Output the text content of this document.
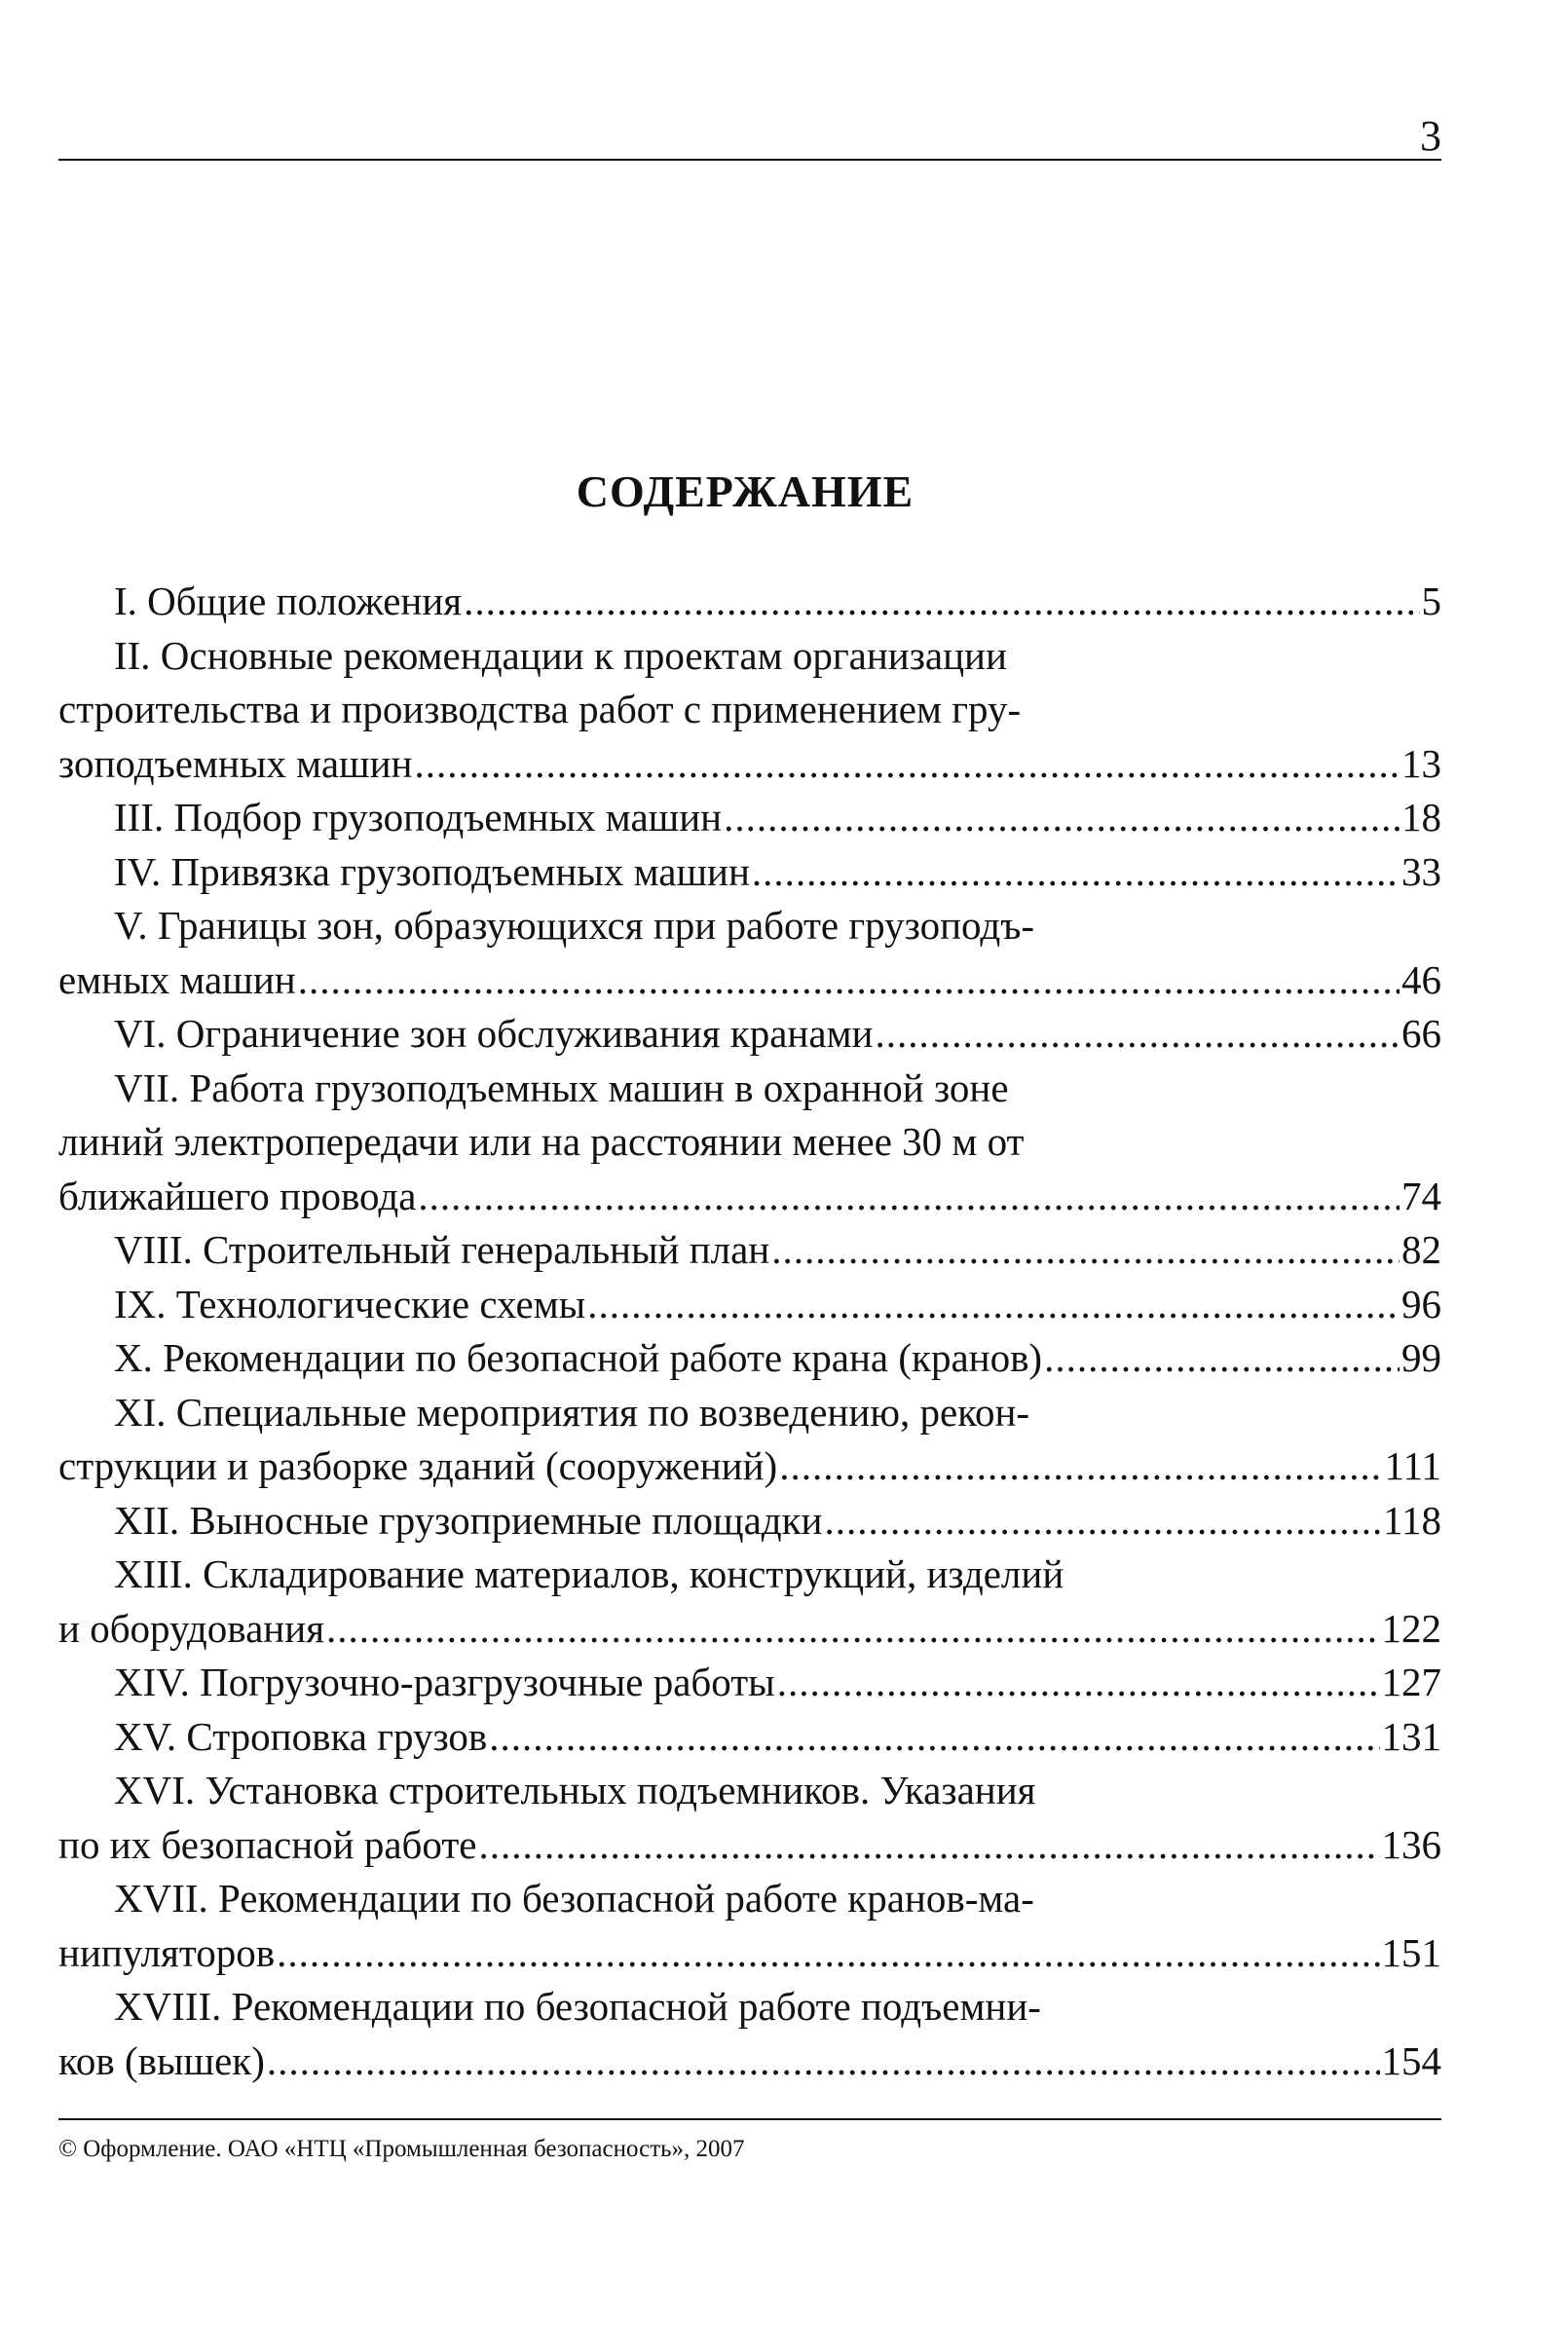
3
СОДЕРЖАНИЕ
I. Общие положения .....	5
II. Основные рекомендации к проектам организации
строительства и производства работ с применением гру-
зоподъемных машин .....	13
III. Подбор грузоподъемных машин .....	18
IV. Привязка грузоподъемных машин .....	33
V. Границы зон, образующихся при работе грузоподъ-
емных машин .....	46
VI. Ограничение зон обслуживания кранами .....	66
VII. Работа грузоподъемных машин в охранной зоне
линий электропередачи или на расстоянии менее 30 м от
ближайшего провода .....	74
VIII. Строительный генеральный план .....	82
IX. Технологические схемы .....	96
X. Рекомендации по безопасной работе крана (кранов) .....	99
XI. Специальные мероприятия по возведению, рекон-
струкции и разборке зданий (сооружений) .....	111
XII. Выносные грузоприемные площадки .....	118
XIII. Складирование материалов, конструкций, изделий
и оборудования .....	122
XIV. Погрузочно-разгрузочные работы .....	127
XV. Строповка грузов .....	131
XVI. Установка строительных подъемников. Указания
по их безопасной работе .....	136
XVII. Рекомендации по безопасной работе кранов-ма-
нипуляторов .....	151
XVIII. Рекомендации по безопасной работе подъемни-
ков (вышек) .....	154
© Оформление. ОАО «НТЦ «Промышленная безопасность», 2007
